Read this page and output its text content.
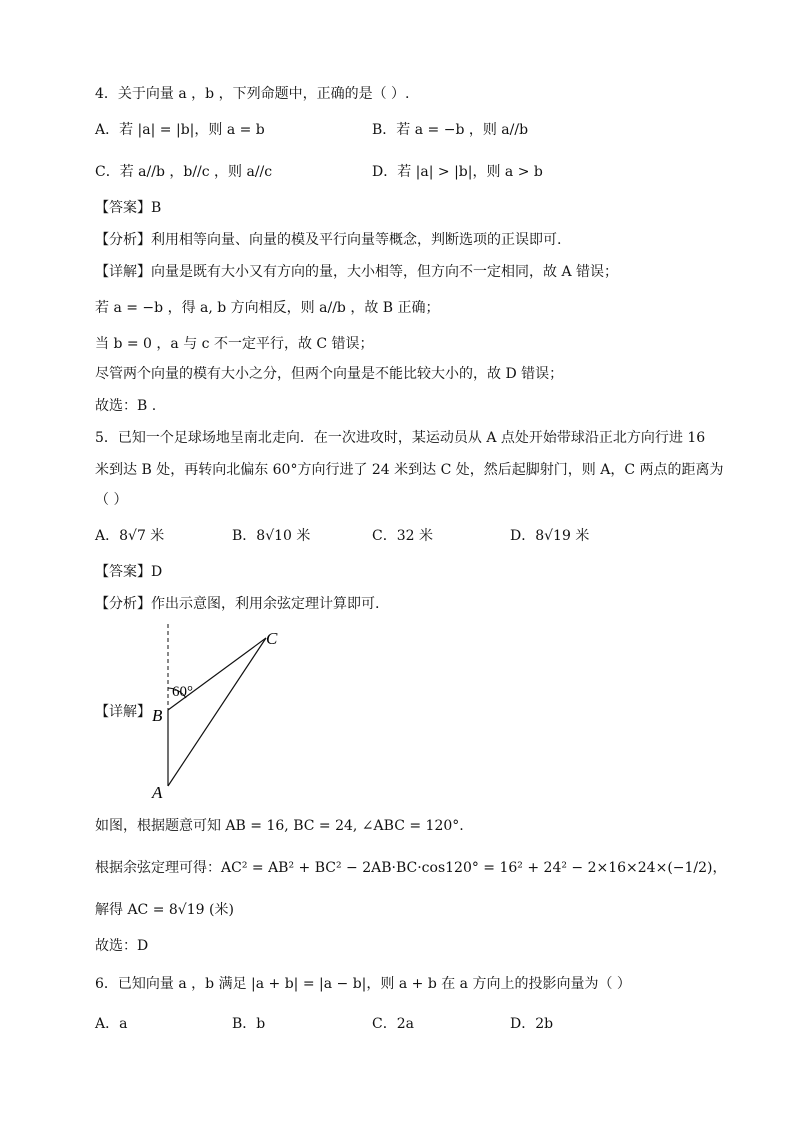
4．关于向量 a ，b ，下列命题中，正确的是（ ）.
A．若 |a| = |b|，则 a = b	B．若 a = −b ，则 a//b
C．若 a//b ，b//c ，则 a//c	D．若 |a| > |b|，则 a > b
【答案】B
【分析】利用相等向量、向量的模及平行向量等概念，判断选项的正误即可.
【详解】向量是既有大小又有方向的量，大小相等，但方向不一定相同，故 A 错误；
若 a = −b ，得 a, b 方向相反，则 a//b ，故 B 正确；
当 b = 0 ，a 与 c 不一定平行，故 C 错误；
尽管两个向量的模有大小之分，但两个向量是不能比较大小的，故 D 错误；
故选：B .
5．已知一个足球场地呈南北走向．在一次进攻时，某运动员从 A 点处开始带球沿正北方向行进 16
米到达 B 处，再转向北偏东 60°方向行进了 24 米到达 C 处，然后起脚射门，则 A，C 两点的距离为
（ ）
A．8√7 米	B．8√10 米	C．32 米	D．8√19 米
【答案】D
【分析】作出示意图，利用余弦定理计算即可.
【详解】
60°
B
A
C
如图，根据题意可知 AB = 16, BC = 24, ∠ABC = 120°.
根据余弦定理可得：AC² = AB² + BC² − 2AB·BC·cos120° = 16² + 24² − 2×16×24×(−1/2)，
解得 AC = 8√19 (米)
故选：D
6．已知向量 a ，b 满足 |a + b| = |a − b|，则 a + b 在 a 方向上的投影向量为（ ）
A．a	B．b	C．2a	D．2b
